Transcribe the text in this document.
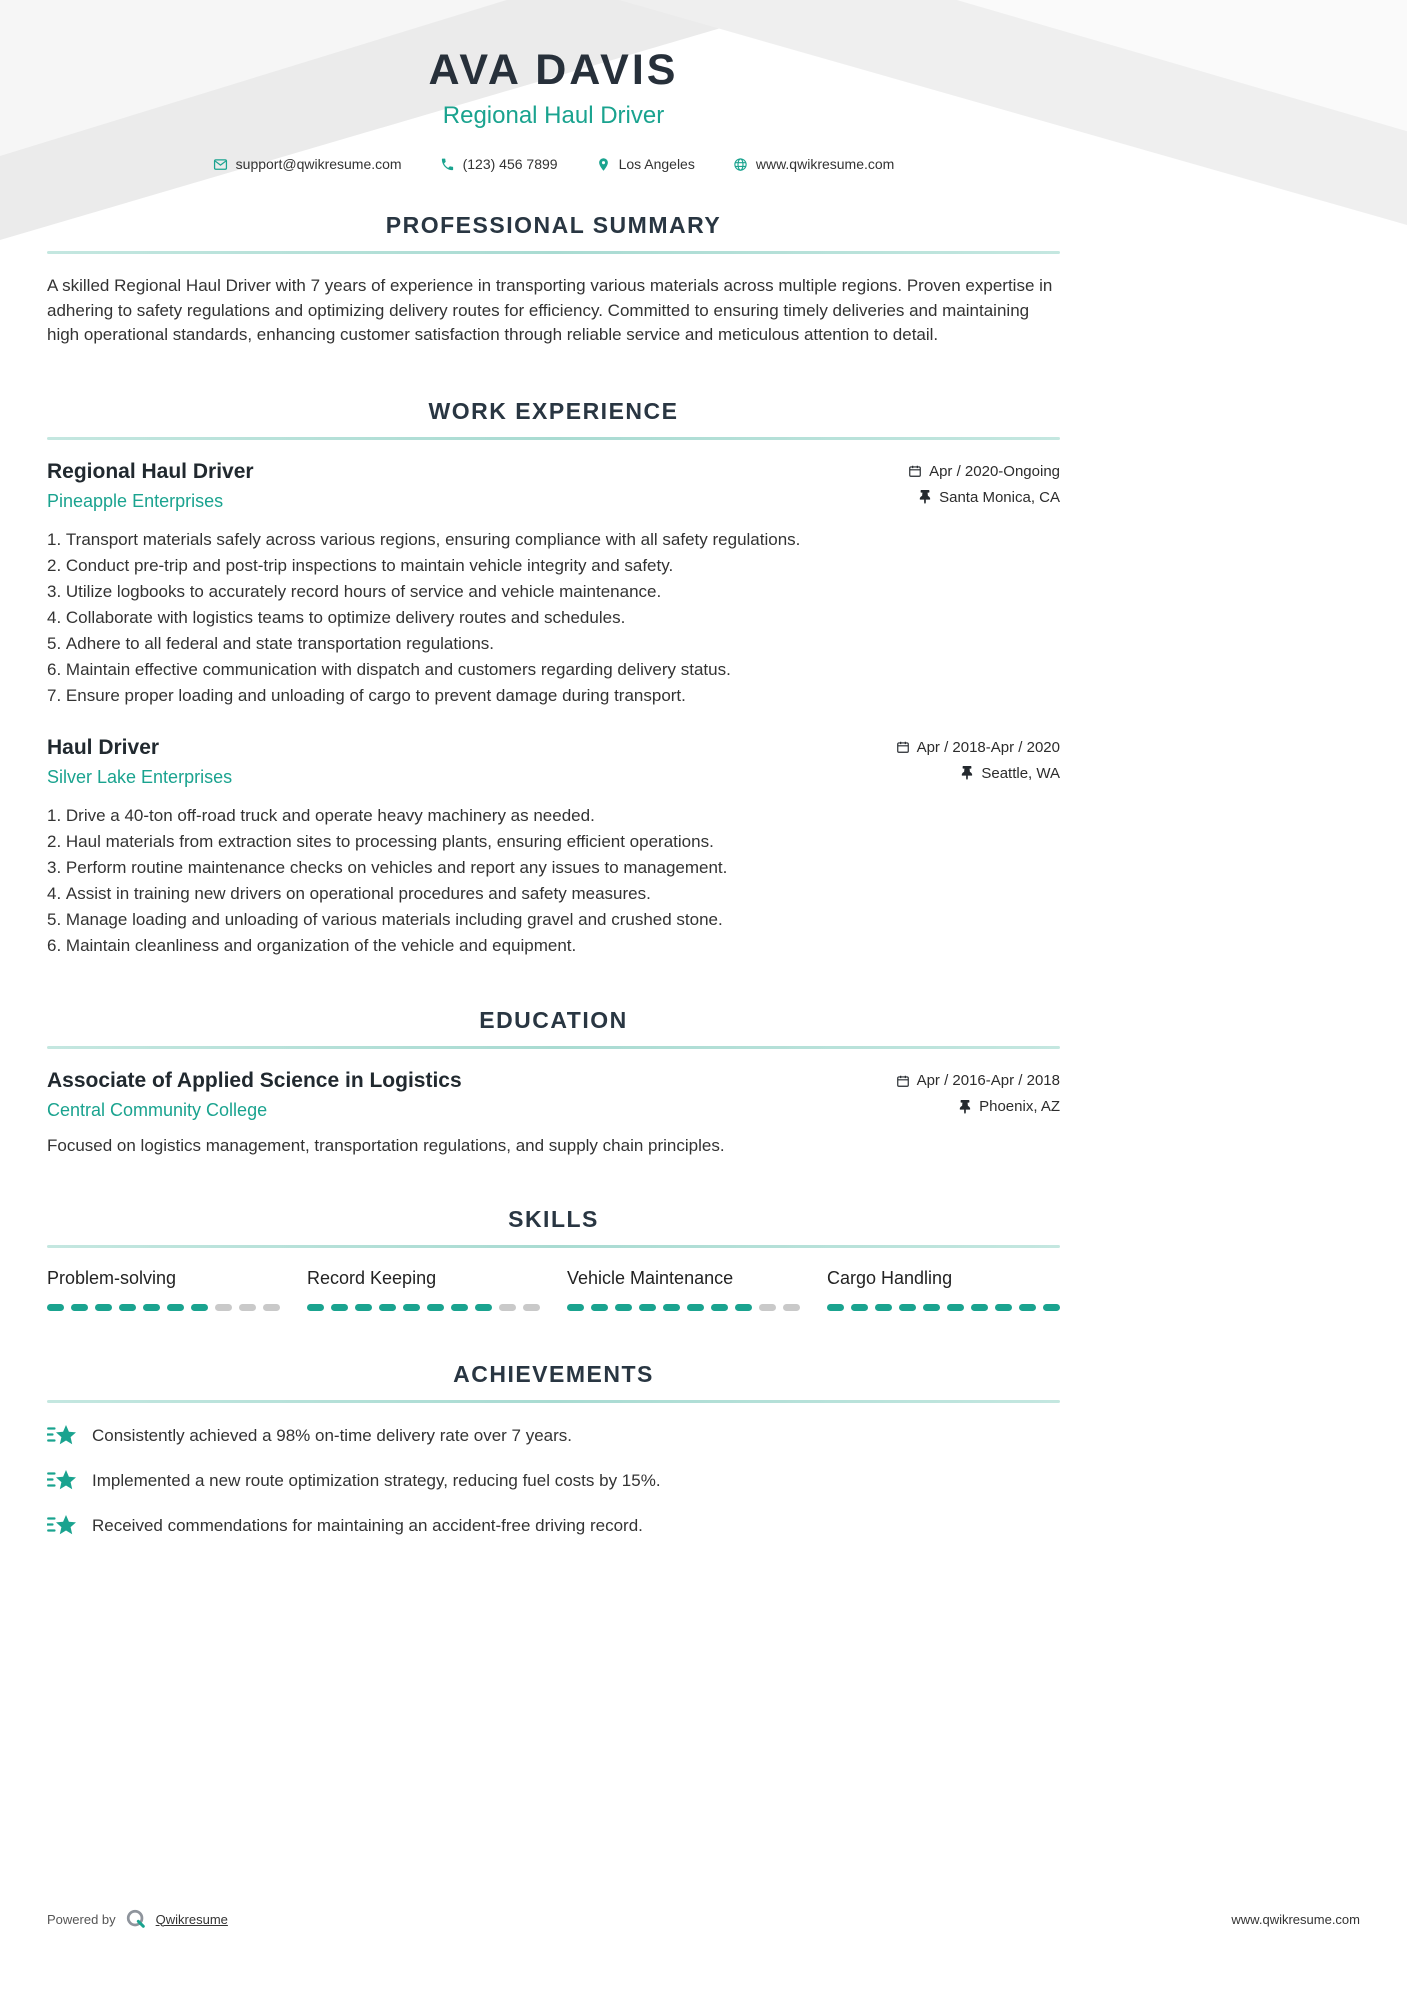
AVA DAVIS
Regional Haul Driver
support@qwikresume.com	(123) 456 7899	Los Angeles	www.qwikresume.com
PROFESSIONAL SUMMARY

A skilled Regional Haul Driver with 7 years of experience in transporting various materials across multiple regions. Proven expertise in adhering to safety regulations and optimizing delivery routes for efficiency. Committed to ensuring timely deliveries and maintaining high operational standards, enhancing customer satisfaction through reliable service and meticulous attention to detail.

WORK EXPERIENCE
Regional Haul Driver
Pineapple Enterprises
Apr / 2020-Ongoing
Santa Monica, CA
1. Transport materials safely across various regions, ensuring compliance with all safety regulations.
2. Conduct pre-trip and post-trip inspections to maintain vehicle integrity and safety.
3. Utilize logbooks to accurately record hours of service and vehicle maintenance.
4. Collaborate with logistics teams to optimize delivery routes and schedules.
5. Adhere to all federal and state transportation regulations.
6. Maintain effective communication with dispatch and customers regarding delivery status.
7. Ensure proper loading and unloading of cargo to prevent damage during transport.
Haul Driver
Silver Lake Enterprises
Apr / 2018-Apr / 2020
Seattle, WA
1. Drive a 40-ton off-road truck and operate heavy machinery as needed.
2. Haul materials from extraction sites to processing plants, ensuring efficient operations.
3. Perform routine maintenance checks on vehicles and report any issues to management.
4. Assist in training new drivers on operational procedures and safety measures.
5. Manage loading and unloading of various materials including gravel and crushed stone.
6. Maintain cleanliness and organization of the vehicle and equipment.
EDUCATION
Associate of Applied Science in Logistics
Central Community College
Apr / 2016-Apr / 2018
Phoenix, AZ

Focused on logistics management, transportation regulations, and supply chain principles.

SKILLS
Problem-solving	Record Keeping	Vehicle Maintenance	Cargo Handling
ACHIEVEMENTS
Consistently achieved a 98% on-time delivery rate over 7 years.
Implemented a new route optimization strategy, reducing fuel costs by 15%.
Received commendations for maintaining an accident-free driving record.
Powered by	Qwikresume	www.qwikresume.com
